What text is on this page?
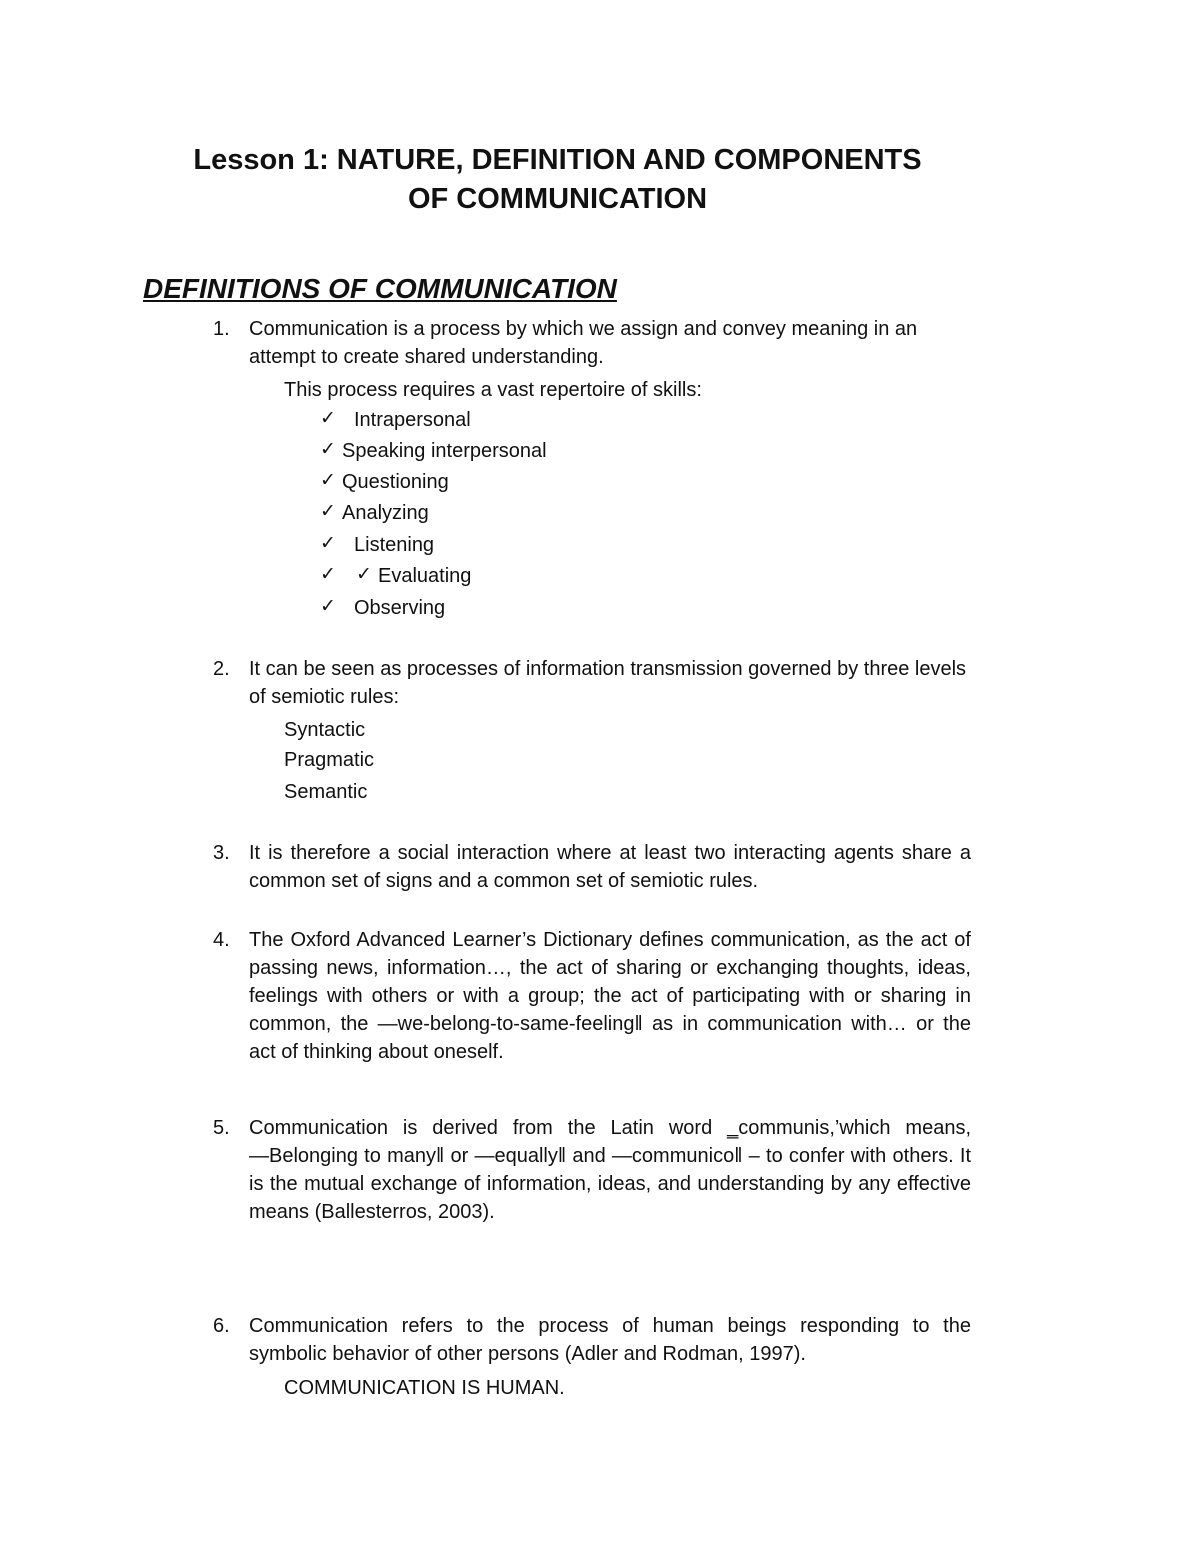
Lesson 1: NATURE, DEFINITION AND COMPONENTS
OF COMMUNICATION
DEFINITIONS OF COMMUNICATION
1. Communication is a process by which we assign and convey meaning in an attempt to create shared understanding.
This process requires a vast repertoire of skills:
✓ Intrapersonal
✓ Speaking interpersonal
✓ Questioning
✓ Analyzing
✓ Listening
✓ ✓ Evaluating
✓ Observing
2. It can be seen as processes of information transmission governed by three levels of semiotic rules:
Syntactic
Pragmatic
Semantic
3. It is therefore a social interaction where at least two interacting agents share a common set of signs and a common set of semiotic rules.
4. The Oxford Advanced Learner’s Dictionary defines communication, as the act of passing news, information…, the act of sharing or exchanging thoughts, ideas, feelings with others or with a group; the act of participating with or sharing in common, the ―we-belong-to-same-feeling‖ as in communication with… or the act of thinking about oneself.
5. Communication is derived from the Latin word ‗communis,’which means, ―Belonging to many‖ or ―equally‖ and ―communico‖ – to confer with others. It is the mutual exchange of information, ideas, and understanding by any effective means (Ballesterros, 2003).
6. Communication refers to the process of human beings responding to the symbolic behavior of other persons (Adler and Rodman, 1997).
COMMUNICATION IS HUMAN.
